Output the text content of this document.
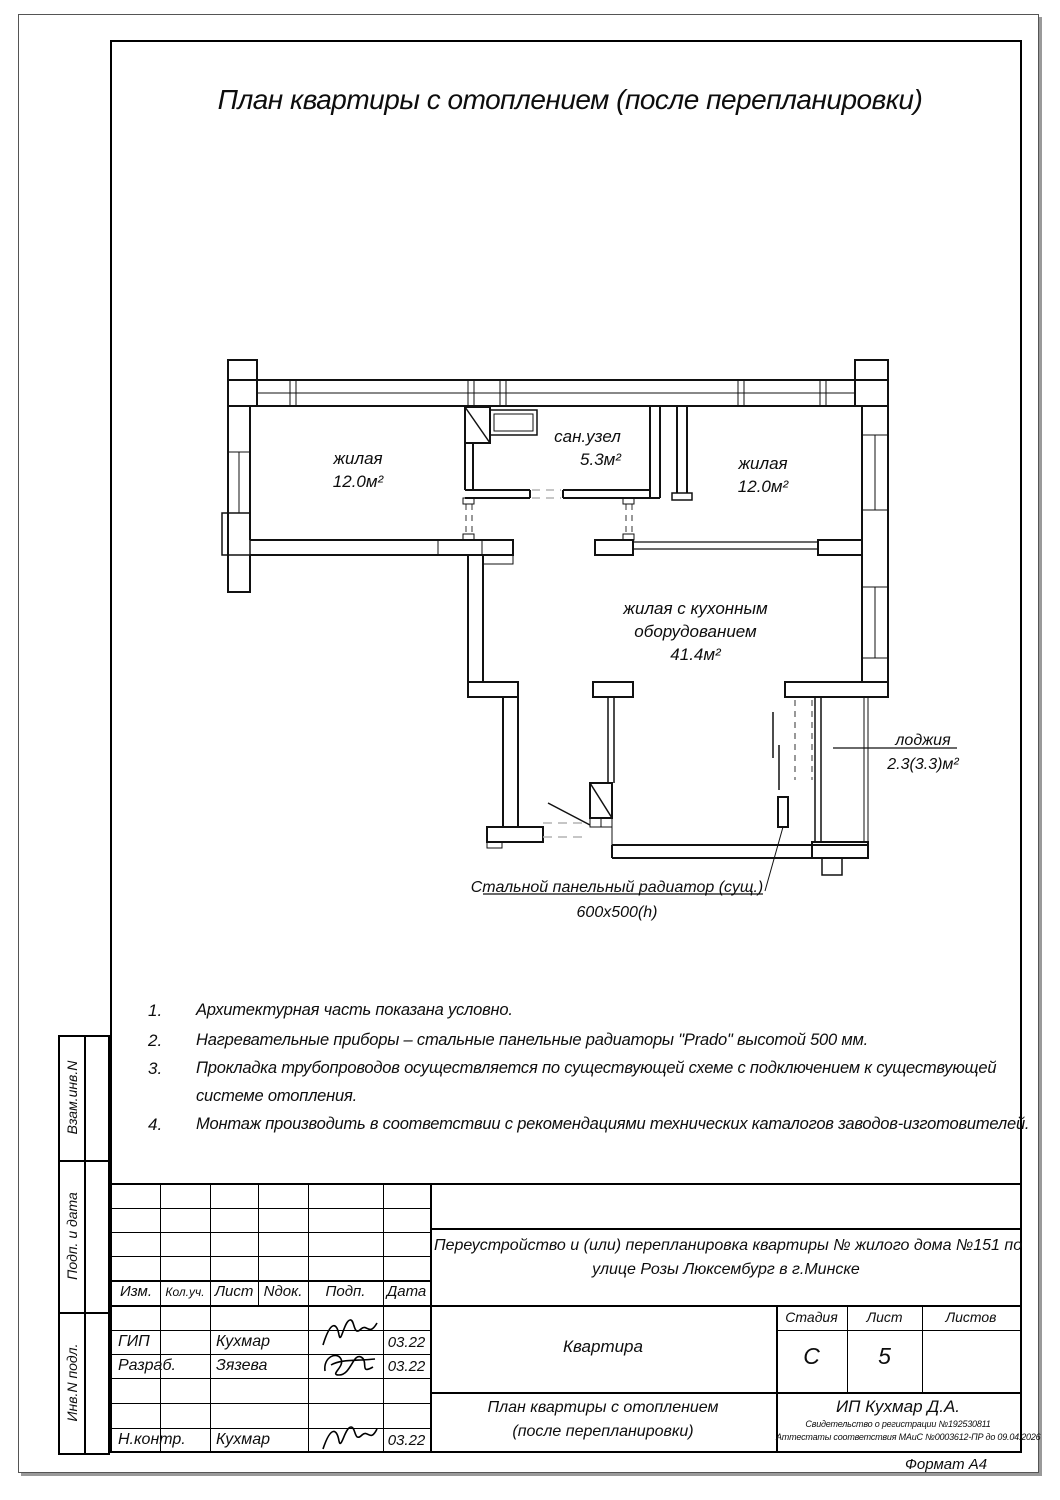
Взам.инв.N
Подп. и дата
Инв.N подл.
План квартиры с отоплением (после перепланировки)
жилая
12.0м²
сан.узел
5.3м²	жилая
12.0м²
жилая с кухонным
оборудованием
41.4м²
лоджия
2.3(3.3)м²
Стальной панельный радиатор (сущ.)
600x500(h)
1.	Архитектурная часть показана условно.
2.	Нагревательные приборы – стальные панельные радиаторы "Prado" высотой 500 мм.
3.	Прокладка трубопроводов осуществляется по существующей схеме с подключением к существующей
системе отопления.
4.	Монтаж производить в соответствии с рекомендациями технических каталогов заводов-изготовителей.
Изм.	Кол.уч. Лист Nдок.	Подп.	Дата
ГИП	Кухмар	03.22
Разраб.	Зязева	03.22
Н.контр. Кухмар	03.22
Переустройство и (или) перепланировка квартиры № жилого дома №151 по
улице Розы Люксембург в г.Минске
Квартира
Стадия	Лист	Листов
С	5
План квартиры с отоплением
(после перепланировки)
ИП Кухмар Д.А.
Свидетельство о регистрации №192530811
Аттестаты соответствия МАиС №0003612-ПР до 09.04.2026
Формат А4
